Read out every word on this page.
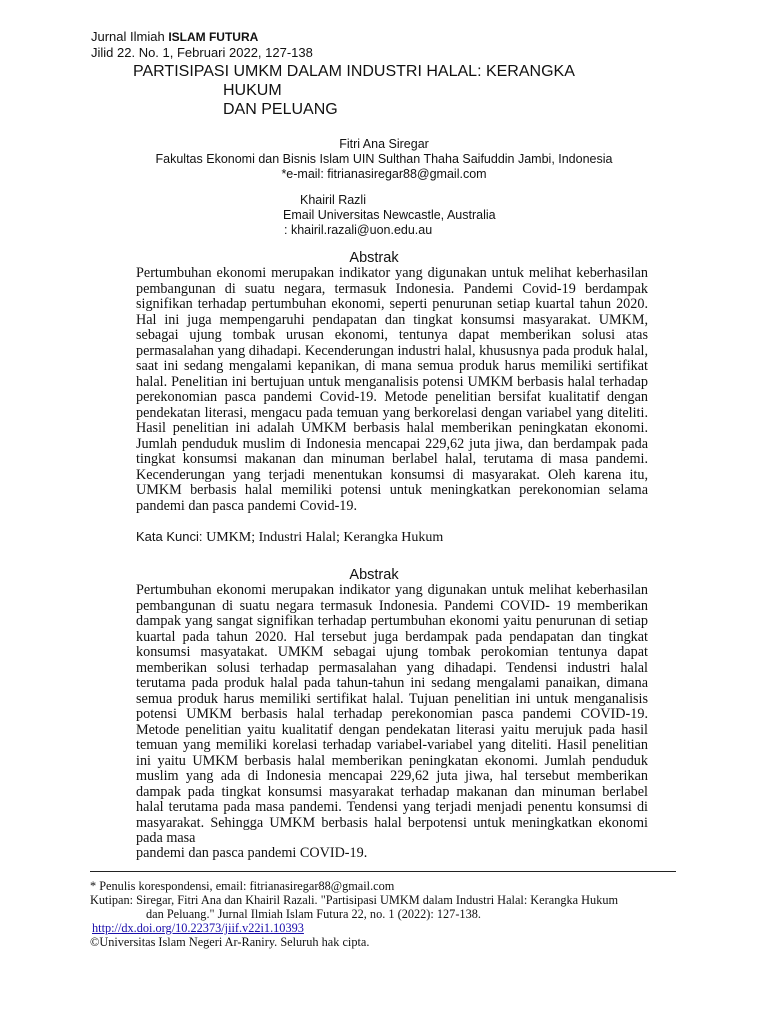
Jurnal Ilmiah ISLAM FUTURA
Jilid 22. No. 1, Februari 2022, 127-138
PARTISIPASI UMKM DALAM INDUSTRI HALAL: KERANGKA
HUKUM
DAN PELUANG
Fitri Ana Siregar
Fakultas Ekonomi dan Bisnis Islam UIN Sulthan Thaha Saifuddin Jambi, Indonesia
*e-mail: fitrianasiregar88@gmail.com
Khairil Razli
Email Universitas Newcastle, Australia
: khairil.razali@uon.edu.au
Abstrak
Pertumbuhan ekonomi merupakan indikator yang digunakan untuk melihat keberhasilan pembangunan di suatu negara, termasuk Indonesia. Pandemi Covid-19 berdampak signifikan terhadap pertumbuhan ekonomi, seperti penurunan setiap kuartal tahun 2020. Hal ini juga mempengaruhi pendapatan dan tingkat konsumsi masyarakat. UMKM, sebagai ujung tombak urusan ekonomi, tentunya dapat memberikan solusi atas permasalahan yang dihadapi. Kecenderungan industri halal, khususnya pada produk halal, saat ini sedang mengalami kepanikan, di mana semua produk harus memiliki sertifikat halal. Penelitian ini bertujuan untuk menganalisis potensi UMKM berbasis halal terhadap perekonomian pasca pandemi Covid-19. Metode penelitian bersifat kualitatif dengan pendekatan literasi, mengacu pada temuan yang berkorelasi dengan variabel yang diteliti. Hasil penelitian ini adalah UMKM berbasis halal memberikan peningkatan ekonomi. Jumlah penduduk muslim di Indonesia mencapai 229,62 juta jiwa, dan berdampak pada tingkat konsumsi makanan dan minuman berlabel halal, terutama di masa pandemi. Kecenderungan yang terjadi menentukan konsumsi di masyarakat. Oleh karena itu, UMKM berbasis halal memiliki potensi untuk meningkatkan perekonomian selama pandemi dan pasca pandemi Covid-19.
Kata Kunci: UMKM; Industri Halal; Kerangka Hukum
Abstrak
Pertumbuhan ekonomi merupakan indikator yang digunakan untuk melihat keberhasilan pembangunan di suatu negara termasuk Indonesia. Pandemi COVID- 19 memberikan dampak yang sangat signifikan terhadap pertumbuhan ekonomi yaitu penurunan di setiap kuartal pada tahun 2020. Hal tersebut juga berdampak pada pendapatan dan tingkat konsumsi masyatakat. UMKM sebagai ujung tombak perokomian tentunya dapat memberikan solusi terhadap permasalahan yang dihadapi. Tendensi industri halal terutama pada produk halal pada tahun-tahun ini sedang mengalami panaikan, dimana semua produk harus memiliki sertifikat halal. Tujuan penelitian ini untuk menganalisis potensi UMKM berbasis halal terhadap perekonomian pasca pandemi COVID-19. Metode penelitian yaitu kualitatif dengan pendekatan literasi yaitu merujuk pada hasil temuan yang memiliki korelasi terhadap variabel-variabel yang diteliti. Hasil penelitian ini yaitu UMKM berbasis halal memberikan peningkatan ekonomi. Jumlah penduduk muslim yang ada di Indonesia mencapai 229,62 juta jiwa, hal tersebut memberikan dampak pada tingkat konsumsi masyarakat terhadap makanan dan minuman berlabel halal terutama pada masa pandemi. Tendensi yang terjadi menjadi penentu konsumsi di masyarakat. Sehingga UMKM berbasis halal berpotensi untuk meningkatkan ekonomi pada masa
pandemi dan pasca pandemi COVID-19.
* Penulis korespondensi, email: fitrianasiregar88@gmail.com
Kutipan: Siregar, Fitri Ana dan Khairil Razali. "Partisipasi UMKM dalam Industri Halal: Kerangka Hukum
dan Peluang." Jurnal Ilmiah Islam Futura 22, no. 1 (2022): 127-138.
http://dx.doi.org/10.22373/jiif.v22i1.10393
©Universitas Islam Negeri Ar-Raniry. Seluruh hak cipta.
